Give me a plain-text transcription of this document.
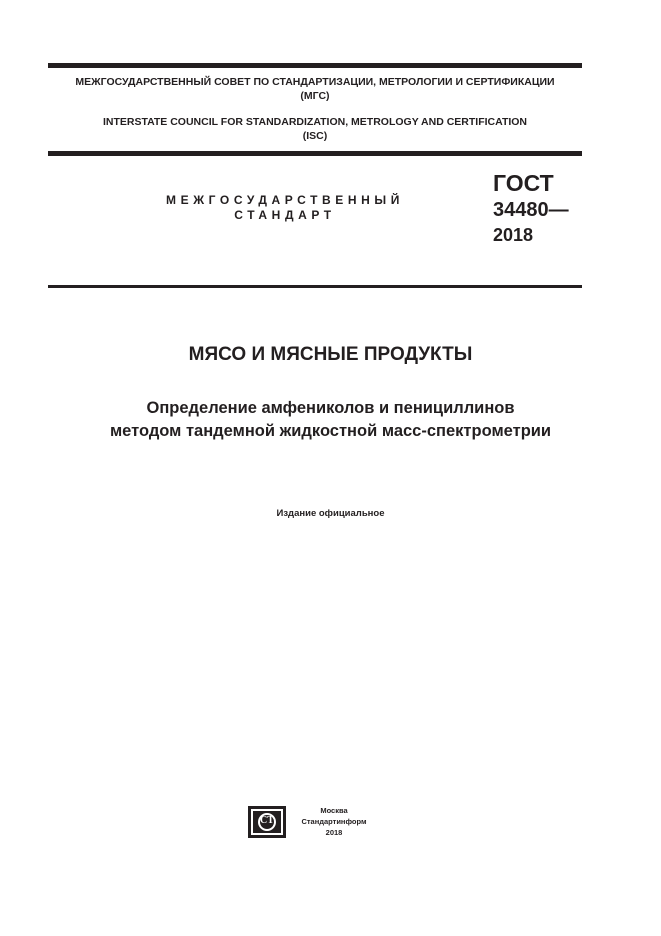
МЕЖГОСУДАРСТВЕННЫЙ СОВЕТ ПО СТАНДАРТИЗАЦИИ, МЕТРОЛОГИИ И СЕРТИФИКАЦИИ
(МГС)
INTERSTATE COUNCIL FOR STANDARDIZATION, METROLOGY AND CERTIFICATION
(ISC)
МЕЖГОСУДАРСТВЕННЫЙ
СТАНДАРТ
ГОСТ
34480—
2018
МЯСО И МЯСНЫЕ ПРОДУКТЫ
Определение амфениколов и пенициллинов
методом тандемной жидкостной масс-спектрометрии
Издание официальное
СТ
Москва
Стандартинформ
2018
